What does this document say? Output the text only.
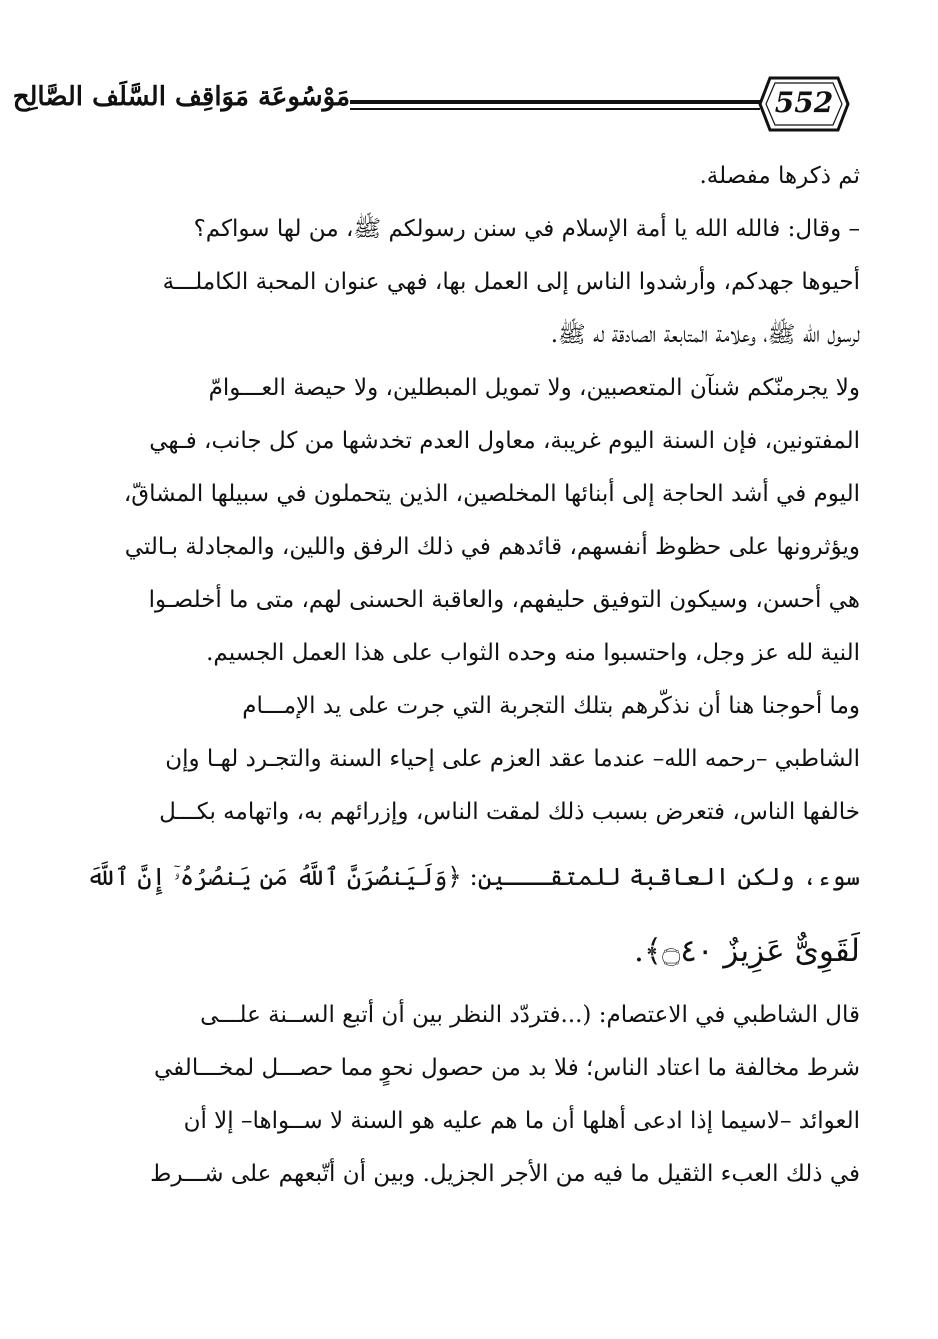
مَوْسُوعَة مَوَاقِف السَّلَف الصَّالِح	552
ثم ذكرها مفصلة.
– وقال: فالله الله يا أمة الإسلام في سنن رسولكم ﷺ، من لها سواكم؟
أحيوها جهدكم، وأرشدوا الناس إلى العمل بها، فهي عنوان المحبة الكاملـــة
لرسول الله ﷺ، وعلامة المتابعة الصادقة له ﷺ.
ولا يجرمنّكم شنآن المتعصبين، ولا تمويل المبطلين، ولا حيصة العـــوامّ
المفتونين، فإن السنة اليوم غريبة، معاول العدم تخدشها من كل جانب، فـهي
اليوم في أشد الحاجة إلى أبنائها المخلصين، الذين يتحملون في سبيلها المشاقّ،
ويؤثرونها على حظوظ أنفسهم، قائدهم في ذلك الرفق واللين، والمجادلة بـالتي
هي أحسن، وسيكون التوفيق حليفهم، والعاقبة الحسنى لهم، متى ما أخلصـوا
النية لله عز وجل، واحتسبوا منه وحده الثواب على هذا العمل الجسيم.
وما أحوجنا هنا أن نذكّرهم بتلك التجربة التي جرت على يد الإمـــام
الشاطبي –رحمه الله– عندما عقد العزم على إحياء السنة والتجـرد لهـا وإن
خالفها الناس، فتعرض بسبب ذلك لمقت الناس، وإزرائهم به، واتهامه بكـــل
سوء، ولكن العاقبة للمتقـــين: ﴿وَلَيَنصُرَنَّ ٱللَّهُ مَن يَنصُرُهُۥٓ إِنَّ ٱللَّهَ
لَقَوِىٌّ عَزِيزٌ ۝٤٠﴾.
قال الشاطبي في الاعتصام: (...فتردّد النظر بين أن أتبع الســنة علـــى
شرط مخالفة ما اعتاد الناس؛ فلا بد من حصول نحوٍ مما حصـــل لمخـــالفي
العوائد –لاسيما إذا ادعى أهلها أن ما هم عليه هو السنة لا ســواها– إلا أن
في ذلك العبء الثقيل ما فيه من الأجر الجزيل. وبين أن أتّبعهم على شـــرط
